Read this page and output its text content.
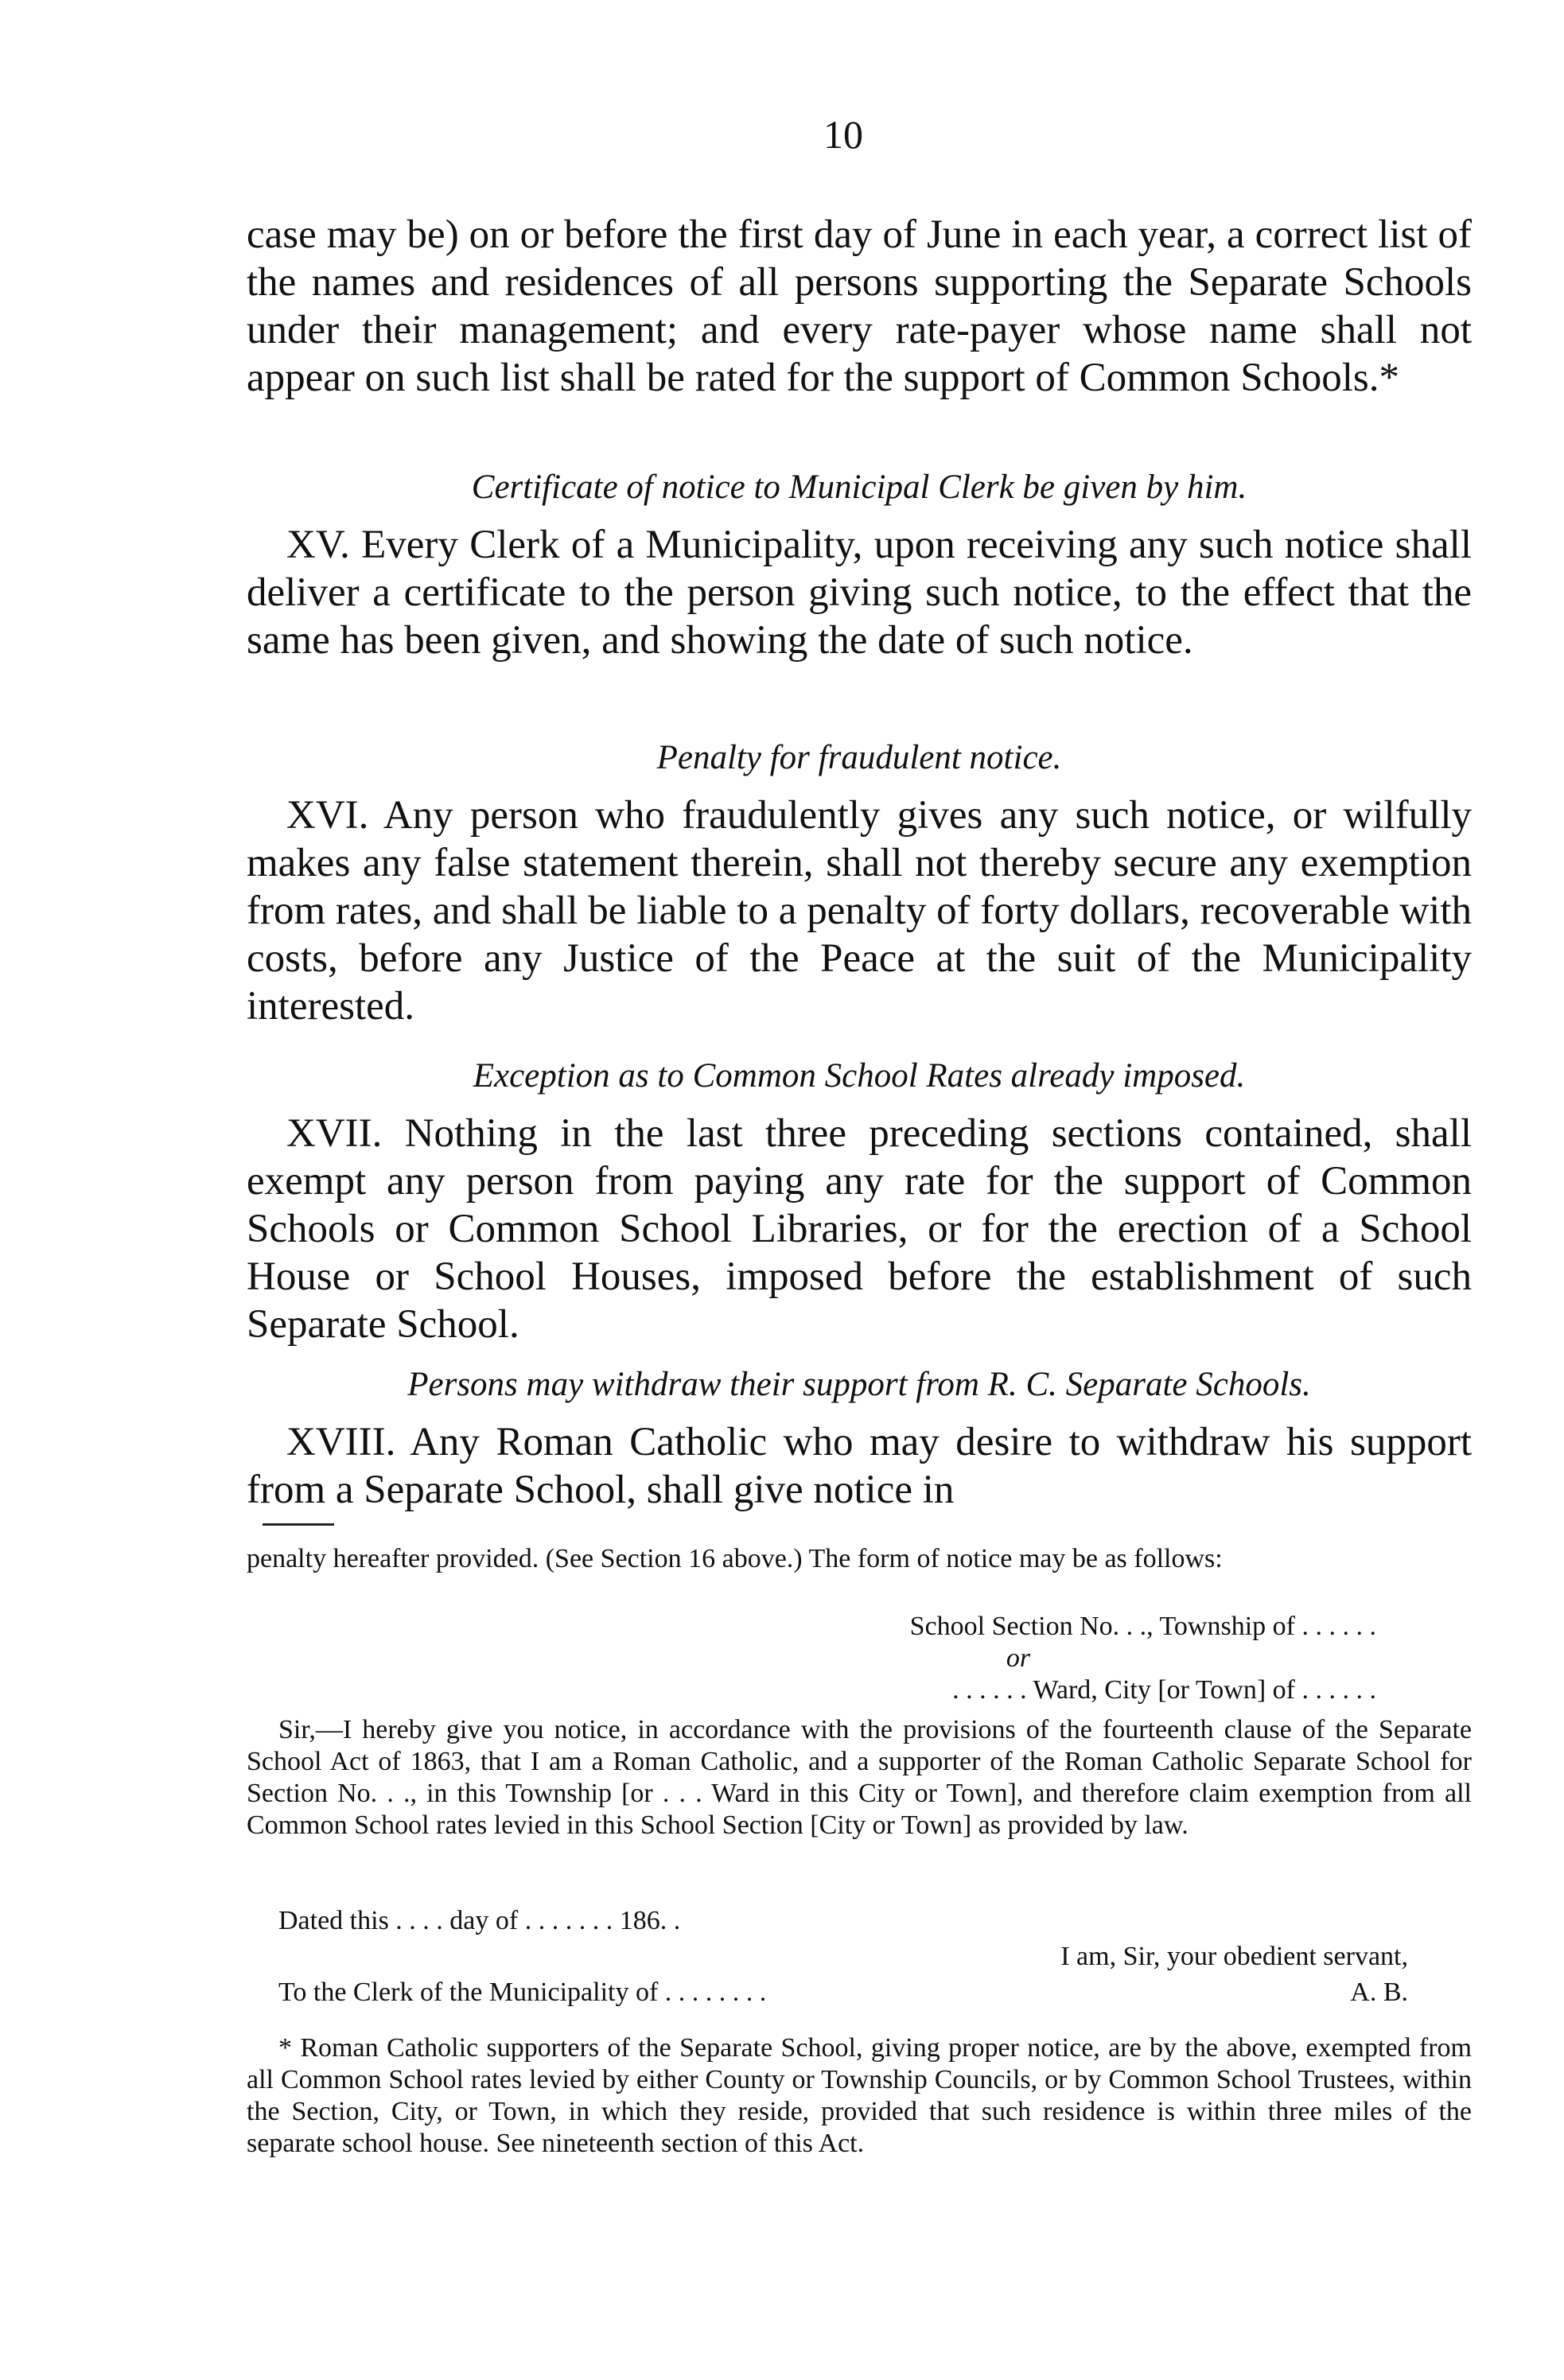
10

case may be) on or before the first day of June in each year, a correct list of the names and residences of all persons supporting the Separate Schools under their management; and every rate-payer whose name shall not appear on such list shall be rated for the support of Common Schools.*

Certificate of notice to Municipal Clerk be given by him.

XV. Every Clerk of a Municipality, upon receiving any such notice shall deliver a certificate to the person giving such notice, to the effect that the same has been given, and showing the date of such notice.

Penalty for fraudulent notice.

XVI. Any person who fraudulently gives any such notice, or wilfully makes any false statement therein, shall not thereby secure any exemption from rates, and shall be liable to a penalty of forty dollars, recoverable with costs, before any Justice of the Peace at the suit of the Municipality interested.

Exception as to Common School Rates already imposed.

XVII. Nothing in the last three preceding sections contained, shall exempt any person from paying any rate for the support of Common Schools or Common School Libraries, or for the erection of a School House or School Houses, imposed before the establishment of such Separate School.

Persons may withdraw their support from R. C. Separate Schools.

XVIII. Any Roman Catholic who may desire to withdraw his support from a Separate School, shall give notice in

penalty hereafter provided. (See Section 16 above.) The form of notice may be as follows:

School Section No. . ., Township of . . . . . .

or

. . . . . . Ward, City [or Town] of . . . . . .

Sir,—I hereby give you notice, in accordance with the provisions of the fourteenth clause of the Separate School Act of 1863, that I am a Roman Catholic, and a supporter of the Roman Catholic Separate School for Section No. . ., in this Township [or . . . Ward in this City or Town], and therefore claim exemption from all Common School rates levied in this School Section [City or Town] as provided by law.

Dated this . . . . day of . . . . . . . 186. .

I am, Sir, your obedient servant,

To the Clerk of the Municipality of . . . . . . . .	A. B.

* Roman Catholic supporters of the Separate School, giving proper notice, are by the above, exempted from all Common School rates levied by either County or Township Councils, or by Common School Trustees, within the Section, City, or Town, in which they reside, provided that such residence is within three miles of the separate school house. See nineteenth section of this Act.
